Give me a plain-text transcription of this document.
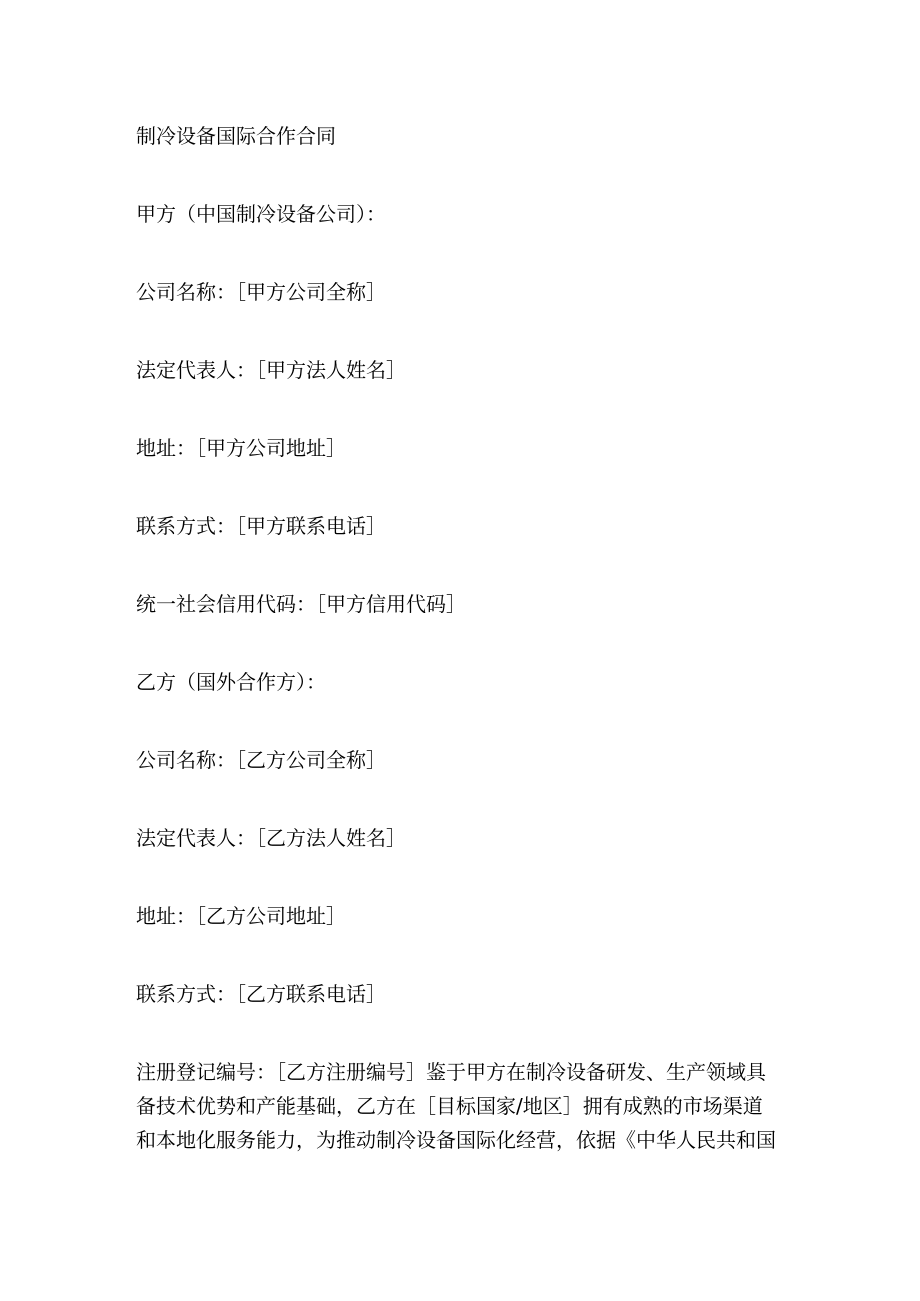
制冷设备国际合作合同
甲方（中国制冷设备公司）：
公司名称：［甲方公司全称］
法定代表人：［甲方法人姓名］
地址：［甲方公司地址］
联系方式：［甲方联系电话］
统一社会信用代码：［甲方信用代码］
乙方（国外合作方）：
公司名称：［乙方公司全称］
法定代表人：［乙方法人姓名］
地址：［乙方公司地址］
联系方式：［乙方联系电话］
注册登记编号：［乙方注册编号］鉴于甲方在制冷设备研发、生产领域具
备技术优势和产能基础，乙方在［目标国家/地区］拥有成熟的市场渠道
和本地化服务能力，为推动制冷设备国际化经营，依据《中华人民共和国
